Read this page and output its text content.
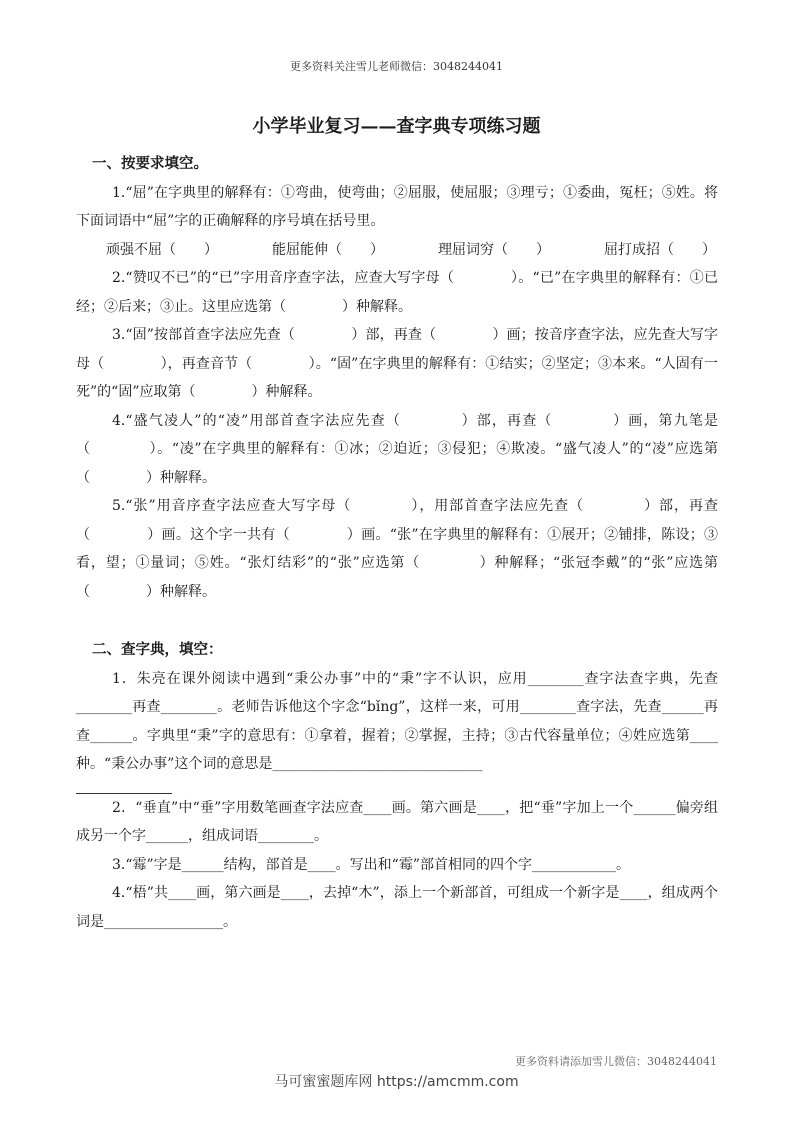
更多资料关注雪儿老师微信：3048244041
小学毕业复习——查字典专项练习题
一、按要求填空。

1.“屈”在字典里的解释有：①弯曲，使弯曲；②屈服，使屈服；③理亏；①委曲，冤枉；⑤姓。将下面词语中“屈”字的正确解释的序号填在括号里。

顽强不屈（　　）	能屈能伸（　　）	理屈词穷（　　）	屈打成招（　　）

2.“赞叹不已”的“已”字用音序查字法，应查大写字母（　　　　）。“已”在字典里的解释有：①已经；②后来；③止。这里应选第（　　　　）种解释。

3.“固”按部首查字法应先查（　　　　）部，再查（　　　　）画；按音序查字法，应先查大写字母（　　　　），再查音节（　　　　）。“固”在字典里的解释有：①结实；②坚定；③本来。“人固有一死”的“固”应取第（　　　　）种解释。

4.“盛气凌人”的“凌”用部首查字法应先查（　　　　）部，再查（　　　　）画，第九笔是（　　　　）。“凌”在字典里的解释有：①冰；②迫近；③侵犯；④欺凌。“盛气凌人”的“凌”应选第（　　　　）种解释。

5.“张”用音序查字法应查大写字母（　　　　），用部首查字法应先查（　　　　）部，再查（　　　　）画。这个字一共有（　　　　）画。“张”在字典里的解释有：①展开；②铺排，陈设；③看，望；①量词；⑤姓。“张灯结彩”的“张”应选第（　　　　）种解释；“张冠李戴”的“张”应选第（　　　　）种解释。

二、查字典，填空：

1．朱亮在课外阅读中遇到“秉公办事”中的“秉”字不认识，应用________查字法查字典，先查________再查________。老师告诉他这个字念“bǐng”，这样一来，可用________查字法，先查______再查______。字典里“秉”字的意思有：①拿着，握着；②掌握，主持；③古代容量单位；④姓应选第____种。“秉公办事”这个词的意思是______________________________

2．“垂直”中“垂”字用数笔画查字法应查____画。第六画是____，把“垂”字加上一个______偏旁组成另一个字______，组成词语________。

3.“霉”字是______结构，部首是____。写出和“霉”部首相同的四个字____________。

4.“梧”共____画，第六画是____，去掉“木”，添上一个新部首，可组成一个新字是____，组成两个词是_________________。

更多资料请添加雪儿微信：3048244041
马可蜜蜜题库网 https://amcmm.com
